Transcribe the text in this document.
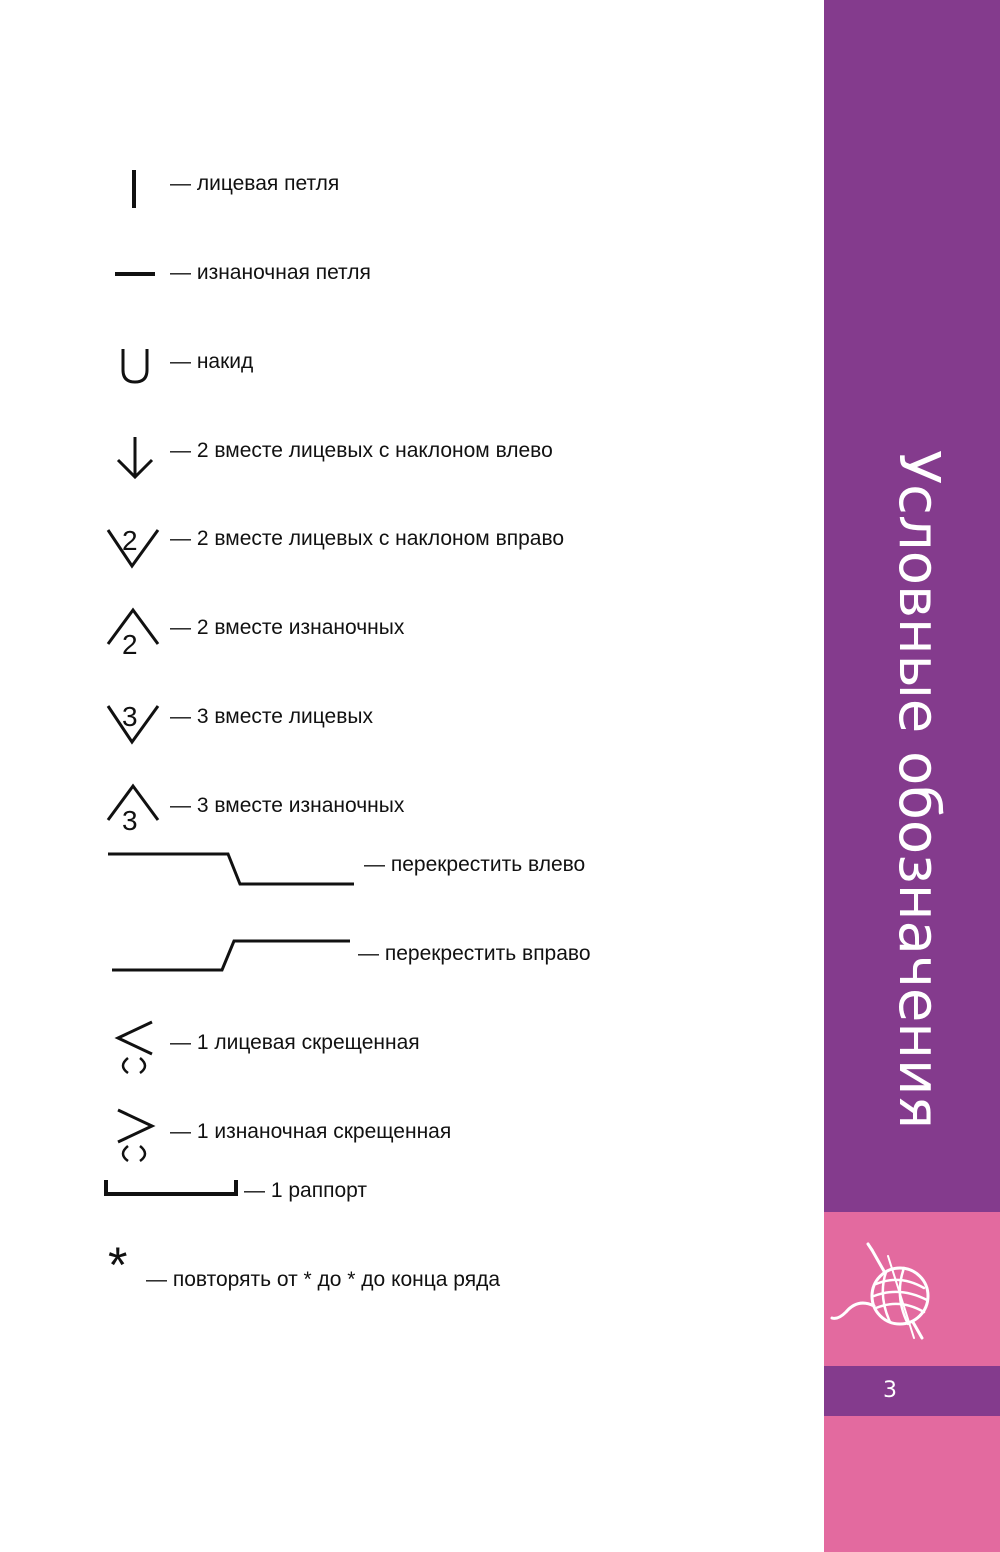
— лицевая петля
— изнаночная петля
— накид
— 2 вместе лицевых с наклоном влево
2 — 2 вместе лицевых с наклоном вправо
2
— 2 вместе изнаночных
3 — 3 вместе лицевых
3 — 3 вместе изнаночных
— перекрестить влево
— перекрестить вправо
— 1 лицевая скрещенная
— 1 изнаночная скрещенная
— 1 раппорт
* — повторять от * до * до конца ряда
Условные обозначения
3
